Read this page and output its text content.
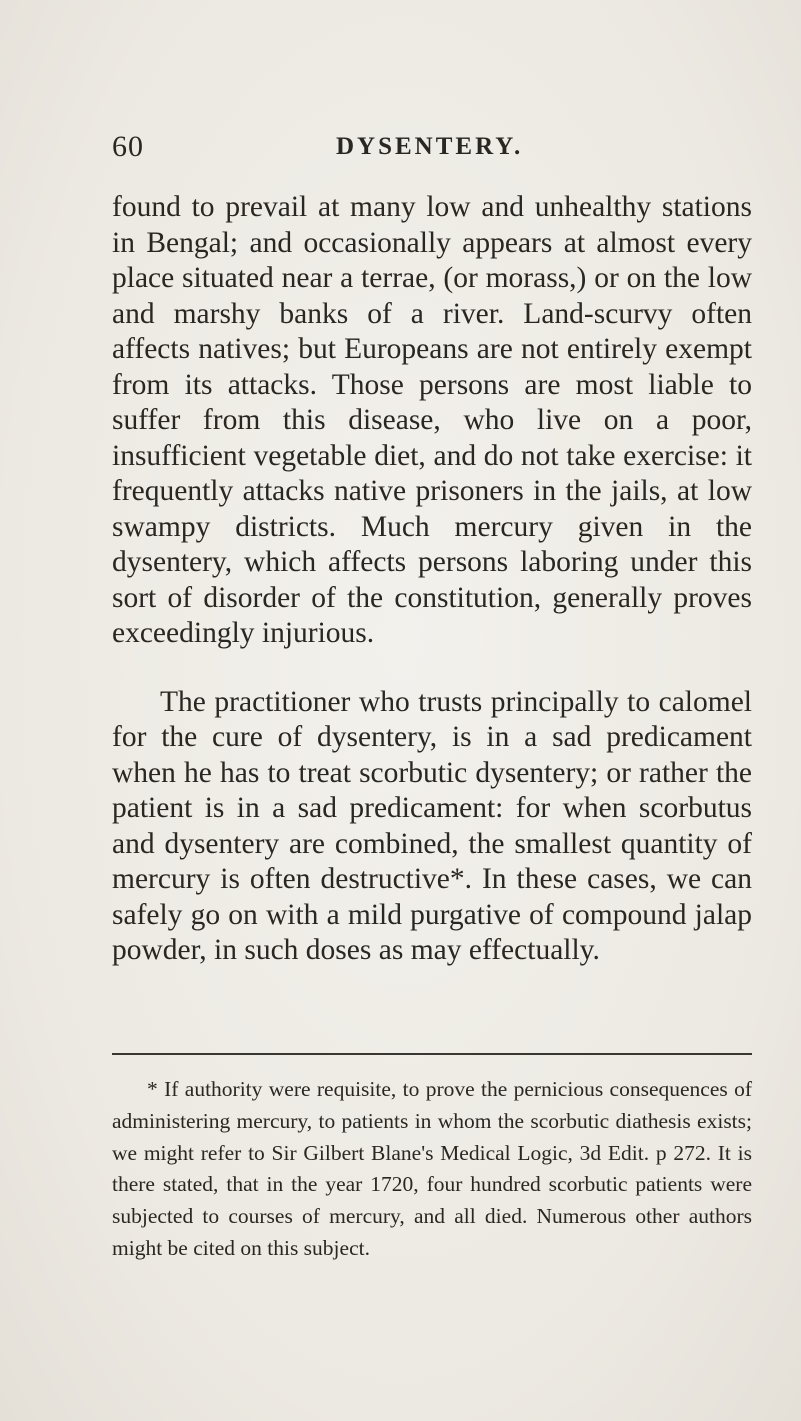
60	DYSENTERY.

found to prevail at many low and unhealthy stations in Bengal; and occasionally appears at almost every place situated near a terrae, (or morass,) or on the low and marshy banks of a river. Land-scurvy often affects natives; but Europeans are not entirely exempt from its attacks. Those persons are most liable to suffer from this disease, who live on a poor, insufficient vegetable diet, and do not take exercise: it frequently attacks native prisoners in the jails, at low swampy districts. Much mercury given in the dysentery, which affects persons laboring under this sort of disorder of the constitution, generally proves exceedingly injurious.

The practitioner who trusts principally to calomel for the cure of dysentery, is in a sad predicament when he has to treat scorbutic dysentery; or rather the patient is in a sad predicament: for when scorbutus and dysentery are combined, the smallest quantity of mercury is often destructive*. In these cases, we can safely go on with a mild purgative of compound jalap powder, in such doses as may effectually.

* If authority were requisite, to prove the pernicious consequences of administering mercury, to patients in whom the scorbutic diathesis exists; we might refer to Sir Gilbert Blane's Medical Logic, 3d Edit. p 272. It is there stated, that in the year 1720, four hundred scorbutic patients were subjected to courses of mercury, and all died. Numerous other authors might be cited on this subject.
